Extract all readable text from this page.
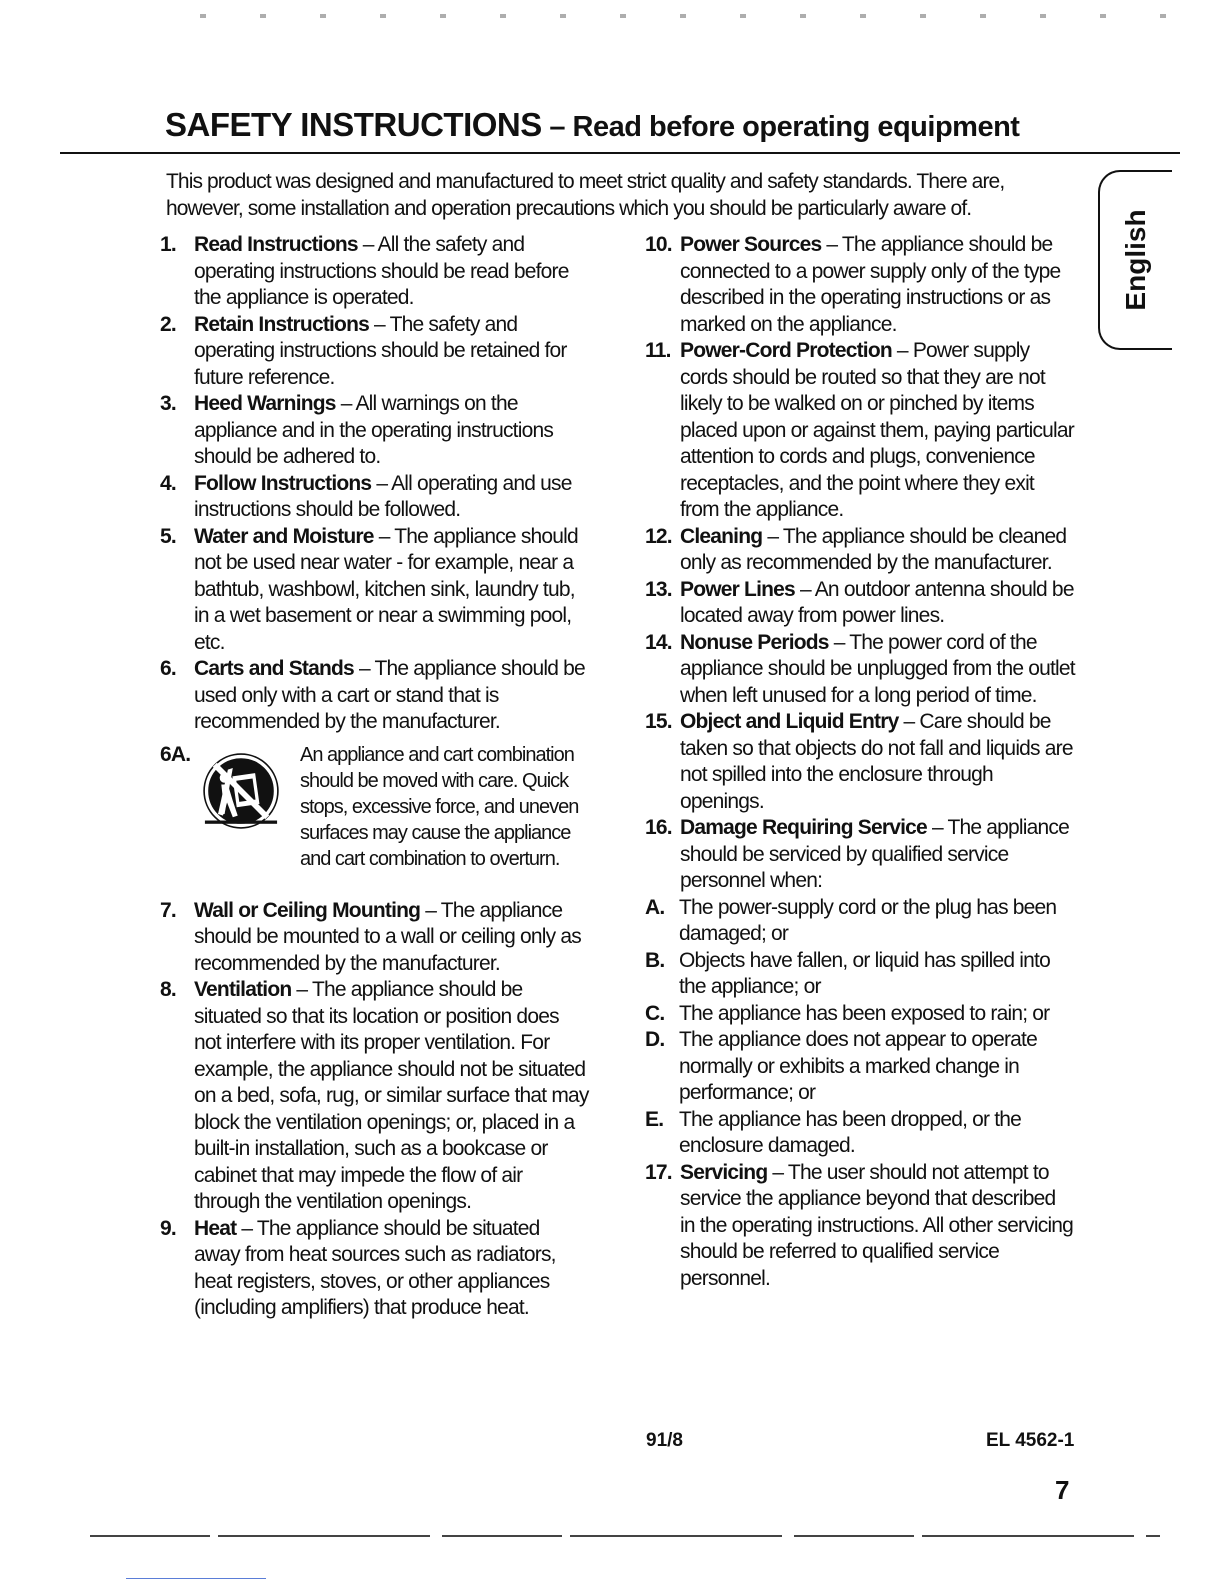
SAFETY INSTRUCTIONS – Read before operating equipment

This product was designed and manufactured to meet strict quality and safety standards. There are, however, some installation and operation precautions which you should be particularly aware of.

English
1. Read Instructions – All the safety and operating instructions should be read before the appliance is operated.
2. Retain Instructions – The safety and operating instructions should be retained for future reference.
3. Heed Warnings – All warnings on the appliance and in the operating instructions should be adhered to.
4. Follow Instructions – All operating and use instructions should be followed.
5. Water and Moisture – The appliance should not be used near water - for example, near a bathtub, washbowl, kitchen sink, laundry tub, in a wet basement or near a swimming pool, etc.
6. Carts and Stands – The appliance should be used only with a cart or stand that is recommended by the manufacturer.
6A.	An appliance and cart combination should be moved with care. Quick stops, excessive force, and uneven surfaces may cause the appliance and cart combination to overturn.
7. Wall or Ceiling Mounting – The appliance should be mounted to a wall or ceiling only as recommended by the manufacturer.
8. Ventilation – The appliance should be situated so that its location or position does not interfere with its proper ventilation. For example, the appliance should not be situated on a bed, sofa, rug, or similar surface that may block the ventilation openings; or, placed in a built-in installation, such as a bookcase or cabinet that may impede the flow of air through the ventilation openings.
9. Heat – The appliance should be situated away from heat sources such as radiators, heat registers, stoves, or other appliances (including amplifiers) that produce heat.
10. Power Sources – The appliance should be connected to a power supply only of the type described in the operating instructions or as marked on the appliance.
11. Power-Cord Protection – Power supply cords should be routed so that they are not likely to be walked on or pinched by items placed upon or against them, paying particular attention to cords and plugs, convenience receptacles, and the point where they exit from the appliance.
12. Cleaning – The appliance should be cleaned only as recommended by the manufacturer.
13. Power Lines – An outdoor antenna should be located away from power lines.
14. Nonuse Periods – The power cord of the appliance should be unplugged from the outlet when left unused for a long period of time.
15. Object and Liquid Entry – Care should be taken so that objects do not fall and liquids are not spilled into the enclosure through openings.
16. Damage Requiring Service – The appliance should be serviced by qualified service personnel when:
A. The power-supply cord or the plug has been damaged; or
B. Objects have fallen, or liquid has spilled into the appliance; or
C. The appliance has been exposed to rain; or
D. The appliance does not appear to operate normally or exhibits a marked change in performance; or
E. The appliance has been dropped, or the enclosure damaged.
17. Servicing – The user should not attempt to service the appliance beyond that described in the operating instructions. All other servicing should be referred to qualified service personnel.
91/8	EL 4562-1
7
